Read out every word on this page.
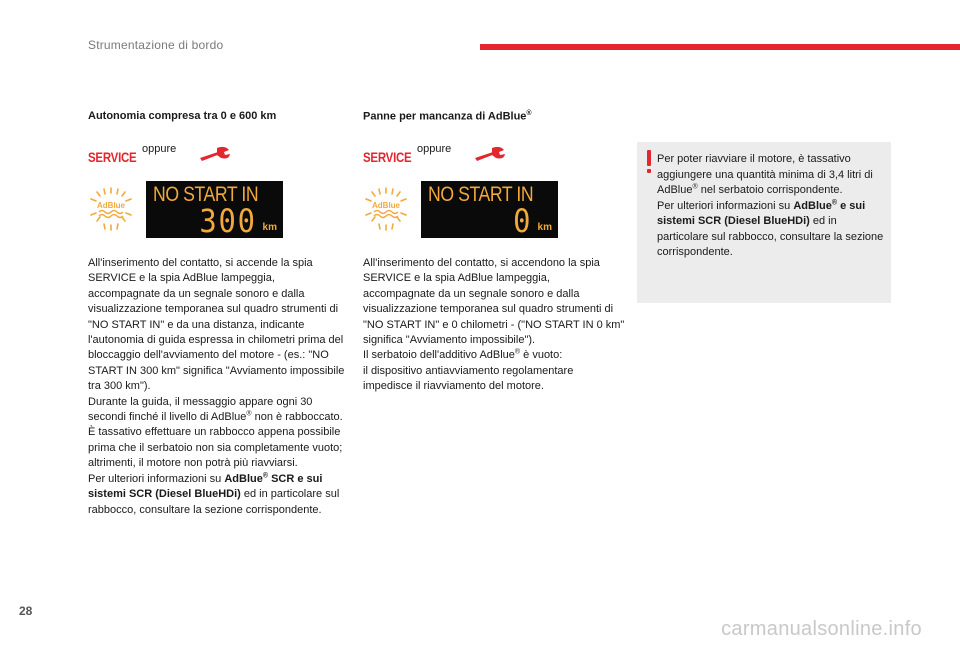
Strumentazione di bordo
Autonomia compresa tra 0 e 600 km
SERVICE oppure
AdBlue NO START IN
300 km

All'inserimento del contatto, si accende la spia SERVICE e la spia AdBlue lampeggia, accompagnate da un segnale sonoro e dalla visualizzazione temporanea sul quadro strumenti di "NO START IN" e da una distanza, indicante l'autonomia di guida espressa in chilometri prima del bloccaggio dell'avviamento del motore - (es.: "NO START IN 300 km" significa "Avviamento impossibile tra 300 km").

Durante la guida, il messaggio appare ogni 30 secondi finché il livello di AdBlue® non è rabboccato.

È tassativo effettuare un rabbocco appena possibile prima che il serbatoio non sia completamente vuoto; altrimenti, il motore non potrà più riavviarsi.

Per ulteriori informazioni su AdBlue® SCR e sui sistemi SCR (Diesel BlueHDi) ed in particolare sul rabbocco, consultare la sezione corrispondente.

Panne per mancanza di AdBlue®
SERVICE oppure
AdBlue NO START IN
0 km

All'inserimento del contatto, si accendono la spia SERVICE e la spia AdBlue lampeggia, accompagnate da un segnale sonoro e dalla visualizzazione temporanea sul quadro strumenti di "NO START IN" e 0 chilometri - ("NO START IN 0 km" significa "Avviamento impossibile").

Il serbatoio dell'additivo AdBlue® è vuoto:

il dispositivo antiavviamento regolamentare impedisce il riavviamento del motore.

Per poter riavviare il motore, è tassativo aggiungere una quantità minima di 3,4 litri di AdBlue® nel serbatoio corrispondente.
Per ulteriori informazioni su AdBlue® e sui sistemi SCR (Diesel BlueHDi) ed in particolare sul rabbocco, consultare la sezione corrispondente.
28
carmanualsonline.info
